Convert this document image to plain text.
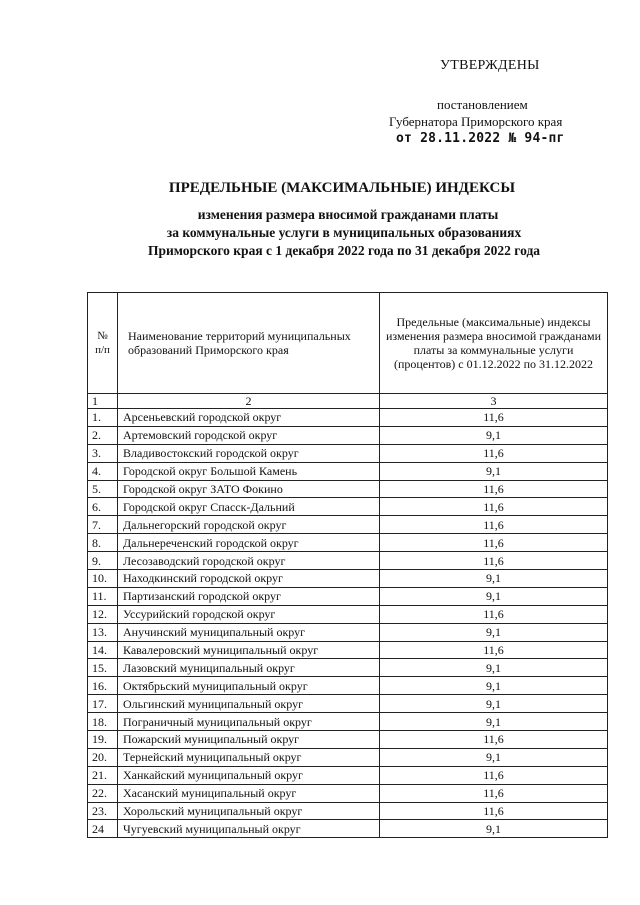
УТВЕРЖДЕНЫ
постановлением
Губернатора Приморского края
от 28.11.2022 № 94-пг
ПРЕДЕЛЬНЫЕ (МАКСИМАЛЬНЫЕ) ИНДЕКСЫ
изменения размера вносимой гражданами платы
за коммунальные услуги в муниципальных образованиях
Приморского края с 1 декабря 2022 года по 31 декабря 2022 года
№ п/п	Наименование территорий муниципальных образований Приморского края	Предельные (максимальные) индексы изменения размера вносимой гражданами платы за коммунальные услуги (процентов) с 01.12.2022 по 31.12.2022
1	2	3
1.	Арсеньевский городской округ	11,6
2.	Артемовский городской округ	9,1
3.	Владивостокский городской округ	11,6
4.	Городской округ Большой Камень	9,1
5.	Городской округ ЗАТО Фокино	11,6
6.	Городской округ Спасск-Дальний	11,6
7.	Дальнегорский городской округ	11,6
8.	Дальнереченский городской округ	11,6
9.	Лесозаводский городской округ	11,6
10.	Находкинский городской округ	9,1
11.	Партизанский городской округ	9,1
12.	Уссурийский городской округ	11,6
13.	Анучинский муниципальный округ	9,1
14.	Кавалеровский муниципальный округ	11,6
15.	Лазовский муниципальный округ	9,1
16.	Октябрьский муниципальный округ	9,1
17.	Ольгинский муниципальный округ	9,1
18.	Пограничный муниципальный округ	9,1
19.	Пожарский муниципальный округ	11,6
20.	Тернейский муниципальный округ	9,1
21.	Ханкайский муниципальный округ	11,6
22.	Хасанский муниципальный округ	11,6
23.	Хорольский муниципальный округ	11,6
24	Чугуевский муниципальный округ	9,1
